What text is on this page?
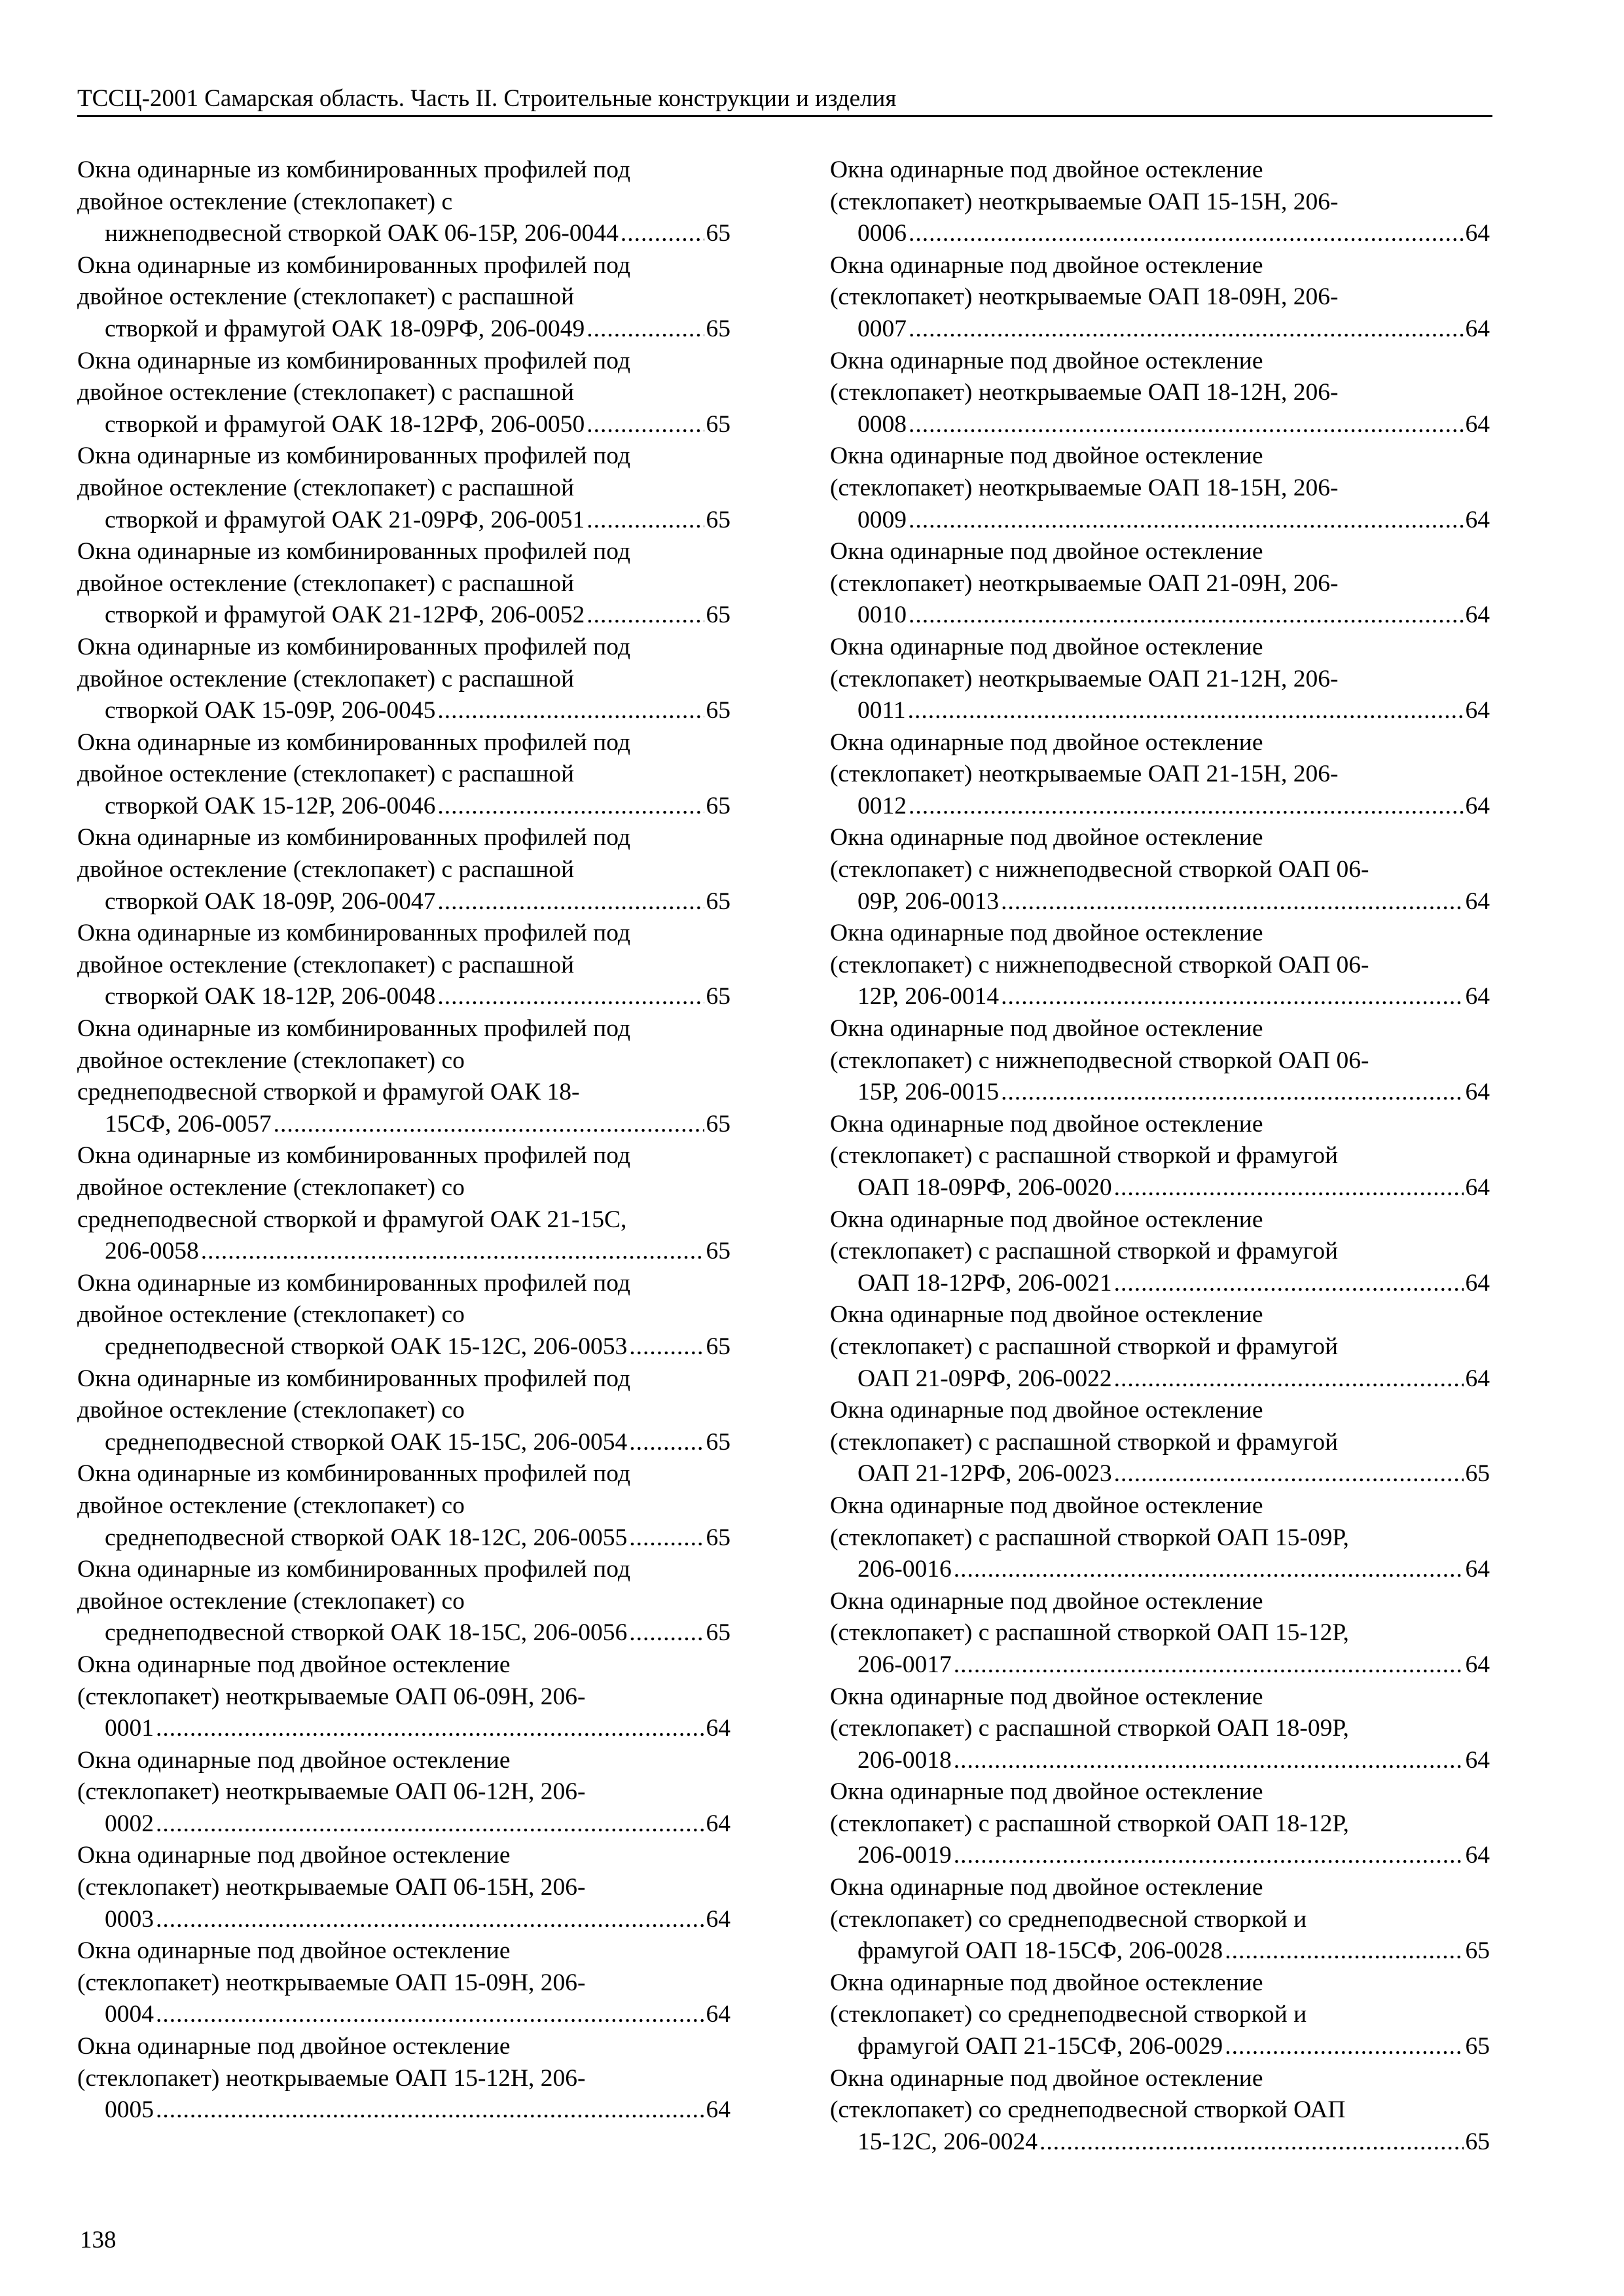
ТССЦ-2001 Самарская область. Часть II. Строительные конструкции и изделия
Окна одинарные из комбинированных профилей под
двойное остекление (стеклопакет) с
нижнеподвесной створкой ОАК 06-15Р, 206-0044 .....	65
Окна одинарные из комбинированных профилей под
двойное остекление (стеклопакет) с распашной
створкой и фрамугой ОАК 18-09РФ, 206-0049 .....	65
Окна одинарные из комбинированных профилей под
двойное остекление (стеклопакет) с распашной
створкой и фрамугой ОАК 18-12РФ, 206-0050 .....	65
Окна одинарные из комбинированных профилей под
двойное остекление (стеклопакет) с распашной
створкой и фрамугой ОАК 21-09РФ, 206-0051 .....	65
Окна одинарные из комбинированных профилей под
двойное остекление (стеклопакет) с распашной
створкой и фрамугой ОАК 21-12РФ, 206-0052 .....	65
Окна одинарные из комбинированных профилей под
двойное остекление (стеклопакет) с распашной
створкой ОАК 15-09Р, 206-0045 .....	65
Окна одинарные из комбинированных профилей под
двойное остекление (стеклопакет) с распашной
створкой ОАК 15-12Р, 206-0046 .....	65
Окна одинарные из комбинированных профилей под
двойное остекление (стеклопакет) с распашной
створкой ОАК 18-09Р, 206-0047 .....	65
Окна одинарные из комбинированных профилей под
двойное остекление (стеклопакет) с распашной
створкой ОАК 18-12Р, 206-0048 .....	65
Окна одинарные из комбинированных профилей под
двойное остекление (стеклопакет) со
среднеподвесной створкой и фрамугой ОАК 18-
15СФ, 206-0057 .....	65
Окна одинарные из комбинированных профилей под
двойное остекление (стеклопакет) со
среднеподвесной створкой и фрамугой ОАК 21-15С,
206-0058 .....	65
Окна одинарные из комбинированных профилей под
двойное остекление (стеклопакет) со
среднеподвесной створкой ОАК 15-12С, 206-0053 .....	65
Окна одинарные из комбинированных профилей под
двойное остекление (стеклопакет) со
среднеподвесной створкой ОАК 15-15С, 206-0054 .....	65
Окна одинарные из комбинированных профилей под
двойное остекление (стеклопакет) со
среднеподвесной створкой ОАК 18-12С, 206-0055 .....	65
Окна одинарные из комбинированных профилей под
двойное остекление (стеклопакет) со
среднеподвесной створкой ОАК 18-15С, 206-0056 .....	65
Окна одинарные под двойное остекление
(стеклопакет) неоткрываемые ОАП 06-09Н, 206-
0001 .....	64
Окна одинарные под двойное остекление
(стеклопакет) неоткрываемые ОАП 06-12Н, 206-
0002 .....	64
Окна одинарные под двойное остекление
(стеклопакет) неоткрываемые ОАП 06-15Н, 206-
0003 .....	64
Окна одинарные под двойное остекление
(стеклопакет) неоткрываемые ОАП 15-09Н, 206-
0004 .....	64
Окна одинарные под двойное остекление
(стеклопакет) неоткрываемые ОАП 15-12Н, 206-
0005 .....	64
Окна одинарные под двойное остекление
(стеклопакет) неоткрываемые ОАП 15-15Н, 206-
0006 .....	64
Окна одинарные под двойное остекление
(стеклопакет) неоткрываемые ОАП 18-09Н, 206-
0007 .....	64
Окна одинарные под двойное остекление
(стеклопакет) неоткрываемые ОАП 18-12Н, 206-
0008 .....	64
Окна одинарные под двойное остекление
(стеклопакет) неоткрываемые ОАП 18-15Н, 206-
0009 .....	64
Окна одинарные под двойное остекление
(стеклопакет) неоткрываемые ОАП 21-09Н, 206-
0010 .....	64
Окна одинарные под двойное остекление
(стеклопакет) неоткрываемые ОАП 21-12Н, 206-
0011 .....	64
Окна одинарные под двойное остекление
(стеклопакет) неоткрываемые ОАП 21-15Н, 206-
0012 .....	64
Окна одинарные под двойное остекление
(стеклопакет) с нижнеподвесной створкой ОАП 06-
09Р, 206-0013 .....	64
Окна одинарные под двойное остекление
(стеклопакет) с нижнеподвесной створкой ОАП 06-
12Р, 206-0014 .....	64
Окна одинарные под двойное остекление
(стеклопакет) с нижнеподвесной створкой ОАП 06-
15Р, 206-0015 .....	64
Окна одинарные под двойное остекление
(стеклопакет) с распашной створкой и фрамугой
ОАП 18-09РФ, 206-0020 .....	64
Окна одинарные под двойное остекление
(стеклопакет) с распашной створкой и фрамугой
ОАП 18-12РФ, 206-0021 .....	64
Окна одинарные под двойное остекление
(стеклопакет) с распашной створкой и фрамугой
ОАП 21-09РФ, 206-0022 .....	64
Окна одинарные под двойное остекление
(стеклопакет) с распашной створкой и фрамугой
ОАП 21-12РФ, 206-0023 .....	65
Окна одинарные под двойное остекление
(стеклопакет) с распашной створкой ОАП 15-09Р,
206-0016 .....	64
Окна одинарные под двойное остекление
(стеклопакет) с распашной створкой ОАП 15-12Р,
206-0017 .....	64
Окна одинарные под двойное остекление
(стеклопакет) с распашной створкой ОАП 18-09Р,
206-0018 .....	64
Окна одинарные под двойное остекление
(стеклопакет) с распашной створкой ОАП 18-12Р,
206-0019 .....	64
Окна одинарные под двойное остекление
(стеклопакет) со среднеподвесной створкой и
фрамугой ОАП 18-15СФ, 206-0028 .....	65
Окна одинарные под двойное остекление
(стеклопакет) со среднеподвесной створкой и
фрамугой ОАП 21-15СФ, 206-0029 .....	65
Окна одинарные под двойное остекление
(стеклопакет) со среднеподвесной створкой ОАП
15-12С, 206-0024 .....	65
138
